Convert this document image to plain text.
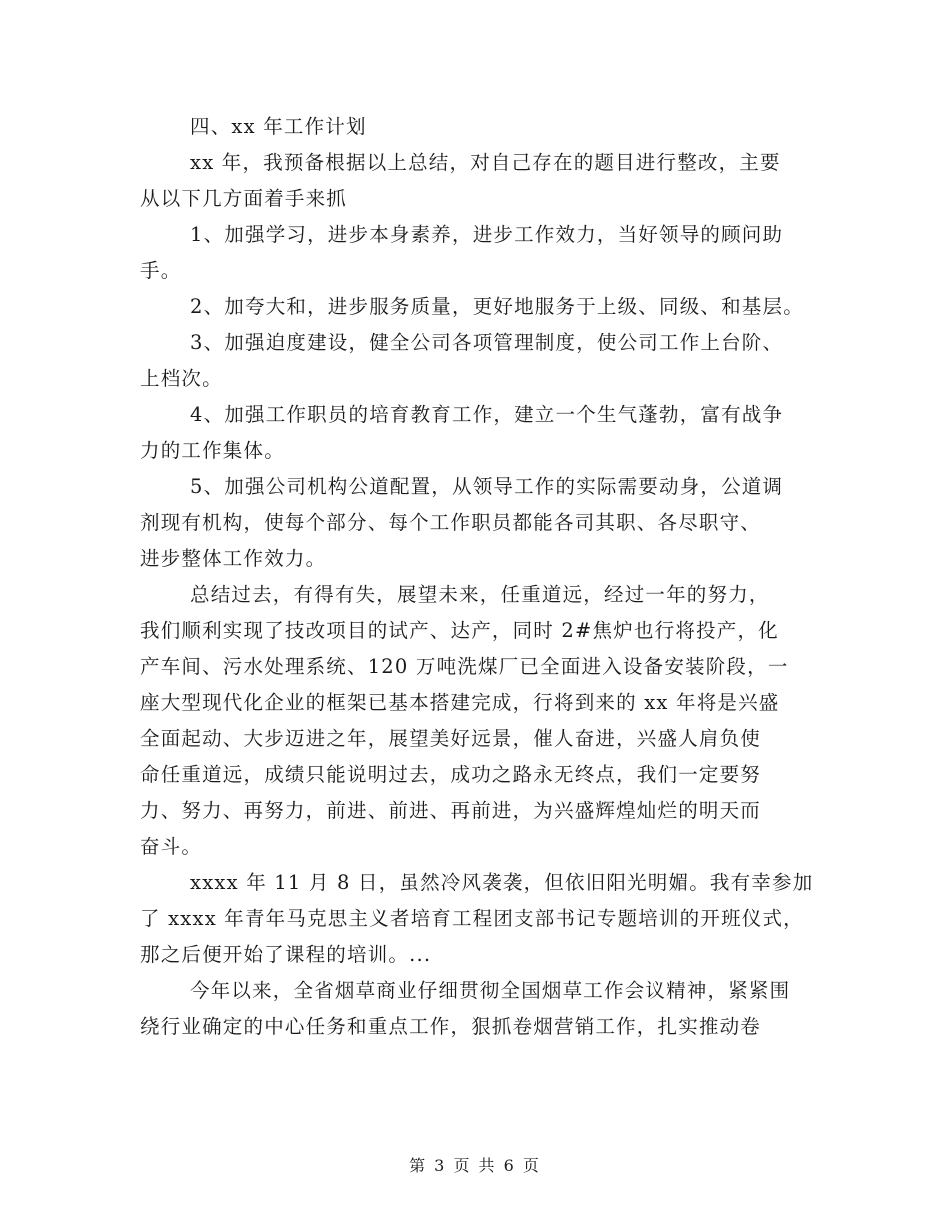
四、xx 年工作计划
xx 年，我预备根据以上总结，对自己存在的题目进行整改，主要
从以下几方面着手来抓
1、加强学习，进步本身素养，进步工作效力，当好领导的顾问助
手。
2、加夸大和，进步服务质量，更好地服务于上级、同级、和基层。
3、加强迫度建设，健全公司各项管理制度，使公司工作上台阶、
上档次。
4、加强工作职员的培育教育工作，建立一个生气蓬勃，富有战争
力的工作集体。
5、加强公司机构公道配置，从领导工作的实际需要动身，公道调
剂现有机构，使每个部分、每个工作职员都能各司其职、各尽职守、
进步整体工作效力。
总结过去，有得有失，展望未来，任重道远，经过一年的努力，
我们顺利实现了技改项目的试产、达产，同时 2#焦炉也行将投产，化
产车间、污水处理系统、120 万吨洗煤厂已全面进入设备安装阶段，一
座大型现代化企业的框架已基本搭建完成，行将到来的 xx 年将是兴盛
全面起动、大步迈进之年，展望美好远景，催人奋进，兴盛人肩负使
命任重道远，成绩只能说明过去，成功之路永无终点，我们一定要努
力、努力、再努力，前进、前进、再前进，为兴盛辉煌灿烂的明天而
奋斗。
xxxx 年 11 月 8 日，虽然冷风袭袭，但依旧阳光明媚。我有幸参加
了 xxxx 年青年马克思主义者培育工程团支部书记专题培训的开班仪式，
那之后便开始了课程的培训。...
今年以来，全省烟草商业仔细贯彻全国烟草工作会议精神，紧紧围
绕行业确定的中心任务和重点工作，狠抓卷烟营销工作，扎实推动卷
第 3 页 共 6 页
